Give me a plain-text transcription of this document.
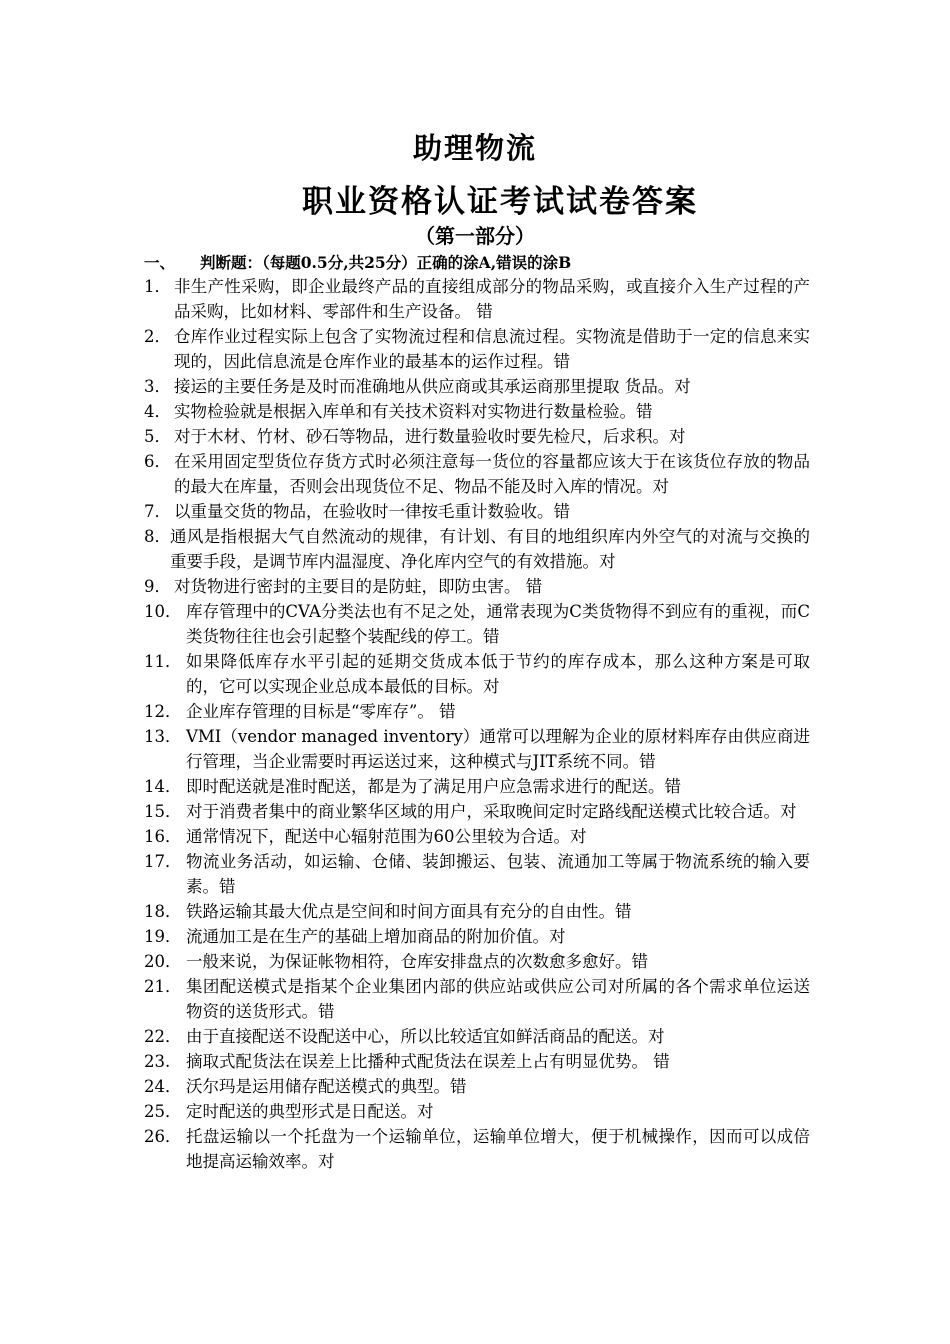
助理物流
职业资格认证考试试卷答案
（第一部分）
一、 判断题：（每题0.5分,共25分）正确的涂A,错误的涂B
1． 非生产性采购，即企业最终产品的直接组成部分的物品采购，或直接介入生产过程的产品采购，比如材料、零部件和生产设备。 错
2． 仓库作业过程实际上包含了实物流过程和信息流过程。实物流是借助于一定的信息来实现的，因此信息流是仓库作业的最基本的运作过程。错
3． 接运的主要任务是及时而准确地从供应商或其承运商那里提取 货品。对
4． 实物检验就是根据入库单和有关技术资料对实物进行数量检验。错
5． 对于木材、竹材、砂石等物品，进行数量验收时要先检尺，后求积。对
6． 在采用固定型货位存货方式时必须注意每一货位的容量都应该大于在该货位存放的物品的最大在库量，否则会出现货位不足、物品不能及时入库的情况。对
7． 以重量交货的物品，在验收时一律按毛重计数验收。错
8． 通风是指根据大气自然流动的规律，有计划、有目的地组织库内外空气的对流与交换的重要手段，是调节库内温湿度、净化库内空气的有效措施。对
9． 对货物进行密封的主要目的是防蛀，即防虫害。 错
10． 库存管理中的CVA分类法也有不足之处，通常表现为C类货物得不到应有的重视，而C类货物往往也会引起整个装配线的停工。错
11． 如果降低库存水平引起的延期交货成本低于节约的库存成本，那么这种方案是可取的，它可以实现企业总成本最低的目标。对
12． 企业库存管理的目标是“零库存”。 错
13． VMI（vendor managed inventory）通常可以理解为企业的原材料库存由供应商进行管理，当企业需要时再运送过来，这种模式与JIT系统不同。错
14． 即时配送就是准时配送，都是为了满足用户应急需求进行的配送。错
15． 对于消费者集中的商业繁华区域的用户，采取晚间定时定路线配送模式比较合适。对
16． 通常情况下，配送中心辐射范围为60公里较为合适。对
17． 物流业务活动，如运输、仓储、装卸搬运、包装、流通加工等属于物流系统的输入要素。错
18． 铁路运输其最大优点是空间和时间方面具有充分的自由性。错
19． 流通加工是在生产的基础上增加商品的附加价值。对
20． 一般来说，为保证帐物相符，仓库安排盘点的次数愈多愈好。错
21． 集团配送模式是指某个企业集团内部的供应站或供应公司对所属的各个需求单位运送物资的送货形式。错
22． 由于直接配送不设配送中心，所以比较适宜如鲜活商品的配送。对
23. 摘取式配货法在误差上比播种式配货法在误差上占有明显优势。 错
24． 沃尔玛是运用储存配送模式的典型。错
25． 定时配送的典型形式是日配送。对
26． 托盘运输以一个托盘为一个运输单位，运输单位增大，便于机械操作，因而可以成倍地提高运输效率。对
